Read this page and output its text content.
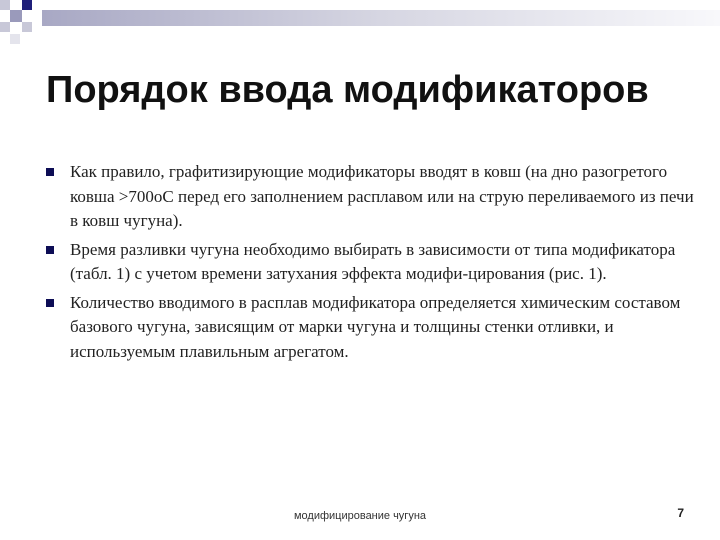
Порядок ввода модификаторов
Как правило, графитизирующие модификаторы вводят в ковш (на дно разогретого ковша >700oС перед его заполнением расплавом или на струю переливаемого из печи в ковш чугуна).
Время разливки чугуна необходимо выбирать в зависимости от типа модификатора (табл. 1) с учетом времени затухания эффекта модифи-цирования (рис. 1).
Количество вводимого в расплав модификатора определяется химическим составом базового чугуна, зависящим от марки чугуна и толщины стенки отливки, и используемым плавильным агрегатом.
модифицирование чугуна	7
